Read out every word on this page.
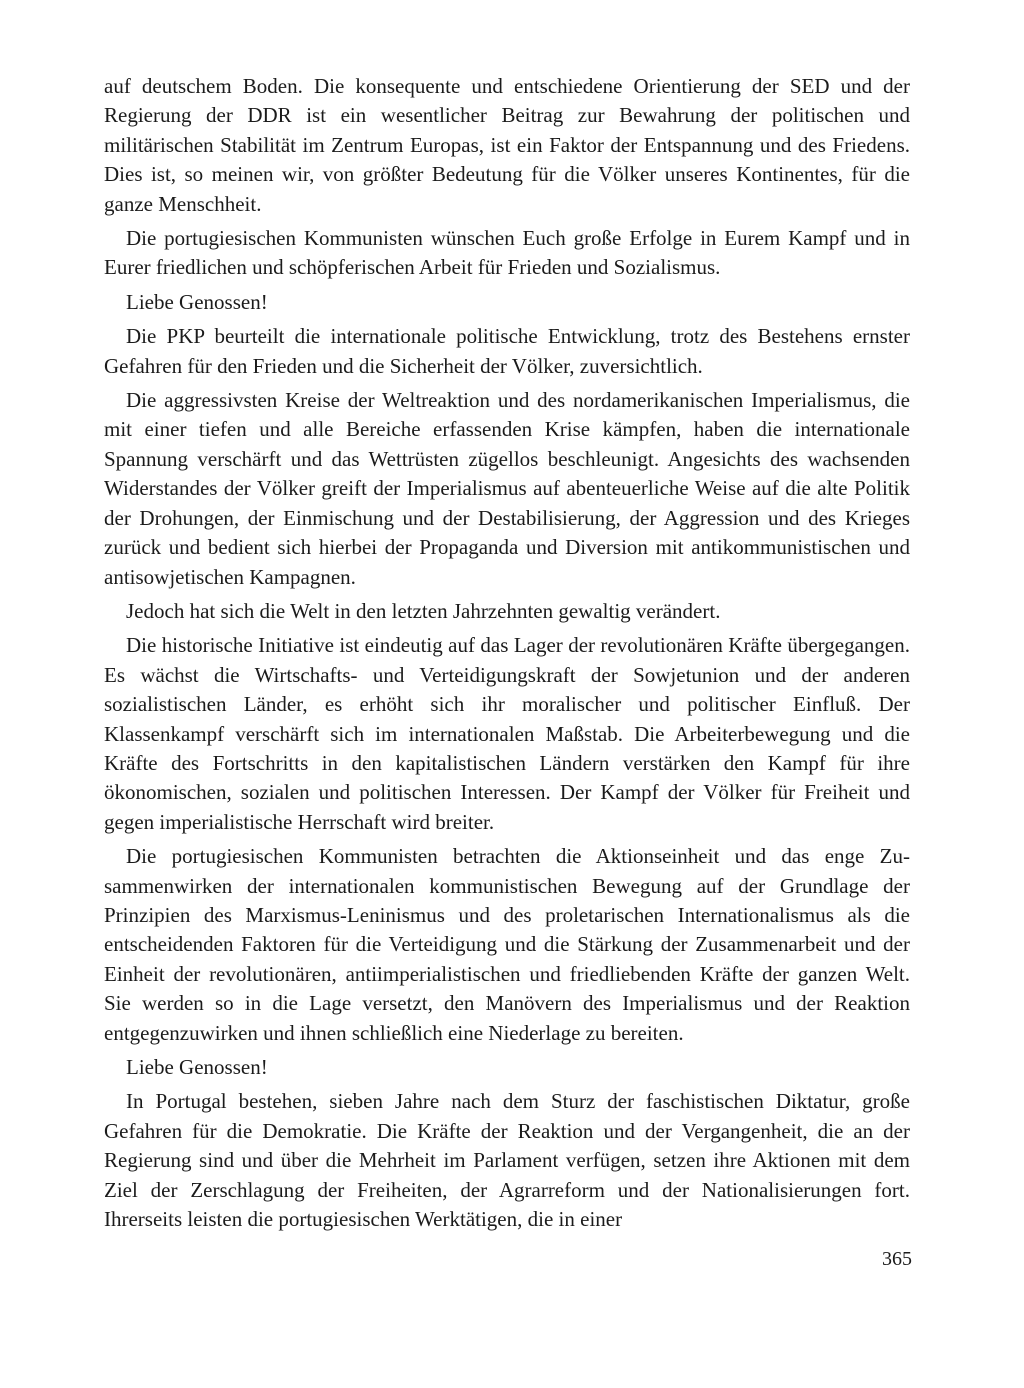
auf deutschem Boden. Die konsequente und entschiedene Orientierung der SED und der Regierung der DDR ist ein wesentlicher Beitrag zur Bewahrung der politischen und militärischen Stabilität im Zentrum Europas, ist ein Faktor der Entspannung und des Friedens. Dies ist, so meinen wir, von größter Bedeutung für die Völker unseres Kontinentes, für die ganze Menschheit.

Die portugiesischen Kommunisten wünschen Euch große Erfolge in Eurem Kampf und in Eurer friedlichen und schöpferischen Arbeit für Frieden und Sozialismus.

Liebe Genossen!

Die PKP beurteilt die internationale politische Entwicklung, trotz des Bestehens ernster Gefahren für den Frieden und die Sicherheit der Völker, zuversichtlich.

Die aggressivsten Kreise der Weltreaktion und des nordamerikanischen Imperialismus, die mit einer tiefen und alle Bereiche erfassenden Krise kämpfen, haben die internationale Spannung verschärft und das Wettrüsten zügellos beschleunigt. Angesichts des wachsenden Widerstandes der Völker greift der Imperialismus auf abenteuerliche Weise auf die alte Politik der Drohungen, der Einmischung und der Destabilisierung, der Aggression und des Krieges zurück und bedient sich hierbei der Propaganda und Diversion mit antikommunistischen und antisowjetischen Kampagnen.

Jedoch hat sich die Welt in den letzten Jahrzehnten gewaltig verändert.

Die historische Initiative ist eindeutig auf das Lager der revolutionären Kräfte übergegangen. Es wächst die Wirtschafts- und Verteidigungskraft der Sowjetunion und der anderen sozialistischen Länder, es erhöht sich ihr moralischer und politischer Einfluß. Der Klassenkampf verschärft sich im internationalen Maßstab. Die Arbeiterbewegung und die Kräfte des Fortschritts in den kapitalistischen Ländern verstärken den Kampf für ihre ökonomischen, sozialen und politischen Interessen. Der Kampf der Völker für Freiheit und gegen imperialistische Herrschaft wird breiter.

Die portugiesischen Kommunisten betrachten die Aktionseinheit und das enge Zusammenwirken der internationalen kommunistischen Bewegung auf der Grundlage der Prinzipien des Marxismus-Leninismus und des proletarischen Internationalismus als die entscheidenden Faktoren für die Verteidigung und die Stärkung der Zusammenarbeit und der Einheit der revolutionären, antiimperialistischen und friedliebenden Kräfte der ganzen Welt. Sie werden so in die Lage versetzt, den Manövern des Imperialismus und der Reaktion entgegenzuwirken und ihnen schließlich eine Niederlage zu bereiten.

Liebe Genossen!

In Portugal bestehen, sieben Jahre nach dem Sturz der faschistischen Diktatur, große Gefahren für die Demokratie. Die Kräfte der Reaktion und der Vergangenheit, die an der Regierung sind und über die Mehrheit im Parlament verfügen, setzen ihre Aktionen mit dem Ziel der Zerschlagung der Freiheiten, der Agrarreform und der Nationalisierungen fort. Ihrerseits leisten die portugiesischen Werktätigen, die in einer

365
